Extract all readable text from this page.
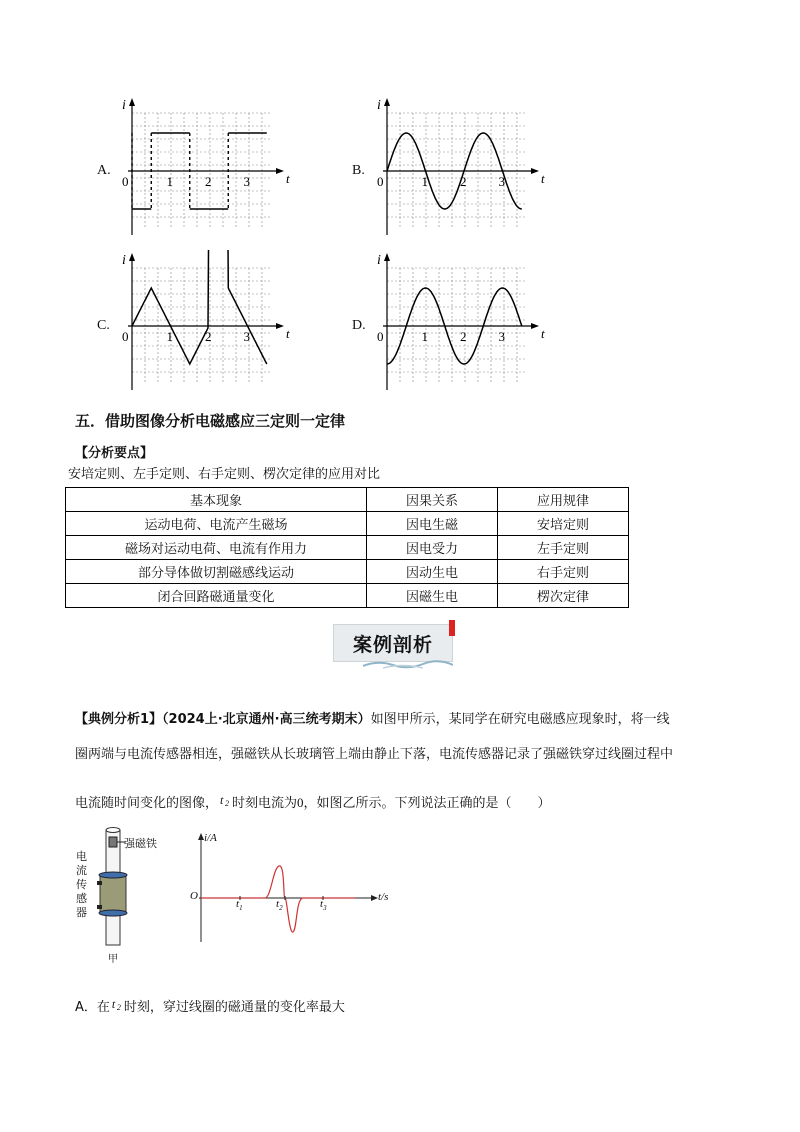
A.
i
t
0	1 2 3
B.
i
t
0	1 2 3
C.
i
t
0	1 2 3
D.
i
t
0	1 2 3
五．借助图像分析电磁感应三定则一定律
【分析要点】
安培定则、左手定则、右手定则、楞次定律的应用对比
基本现象	因果关系	应用规律
运动电荷、电流产生磁场	因电生磁	安培定则
磁场对运动电荷、电流有作用力	因电受力	左手定则
部分导体做切割磁感线运动	因动生电	右手定则
闭合回路磁通量变化	因磁生电	楞次定律
案例剖析
【典例分析1】（2024上·北京通州·高三统考期末）如图甲所示，某同学在研究电磁感应现象时，将一线
圈两端与电流传感器相连，强磁铁从长玻璃管上端由静止下落，电流传感器记录了强磁铁穿过线圈过程中
电流随时间变化的图像， t 2 时刻电流为0，如图乙所示。下列说法正确的是（　　）
强磁铁
电
流
传
感
器
甲
i/A
t/s
O
$t_1$	$t_2$	$t_3$
A．在 t 2 时刻，穿过线圈的磁通量的变化率最大
